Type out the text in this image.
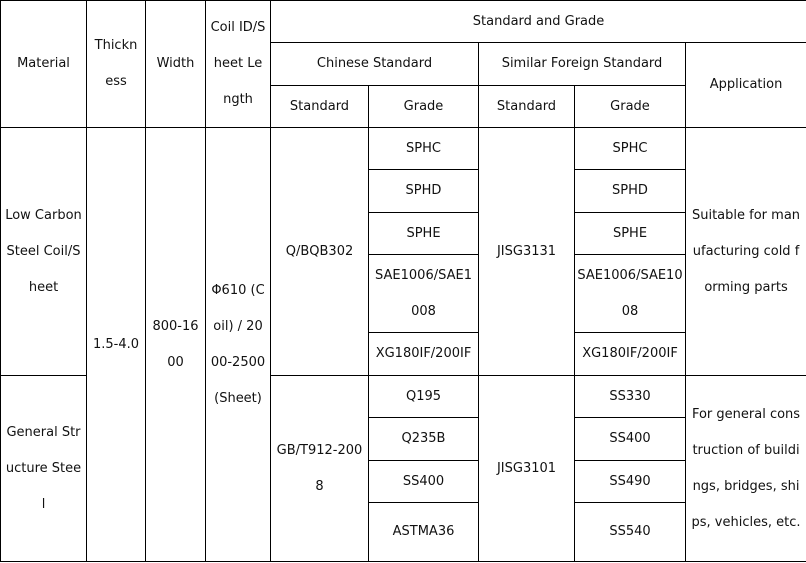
Material	Thickness	Width	Coil ID/Sheet Length	Standard and Grade				
				Chinese Standard		Similar Foreign Standard		Application
				Standard	Grade	Standard	Grade	
Low Carbon Steel Coil/Sheet	1.5-4.0	800-1600	Φ610 (Coil) / 2000-2500 (Sheet)	Q/BQB302	SPHC	JISG3131	SPHC	Suitable for manufacturing cold forming parts
					SPHD		SPHD	
					SPHE		SPHE	
					SAE1006/SAE1008		SAE1006/SAE1008	
					XG180IF/200IF		XG180IF/200IF	
General Structure Steel				GB/T912-2008	Q195	JISG3101	SS330	For general construction of buildings, bridges, ships, vehicles, etc.
					Q235B		SS400	
					SS400		SS490	
					ASTMA36		SS540	
